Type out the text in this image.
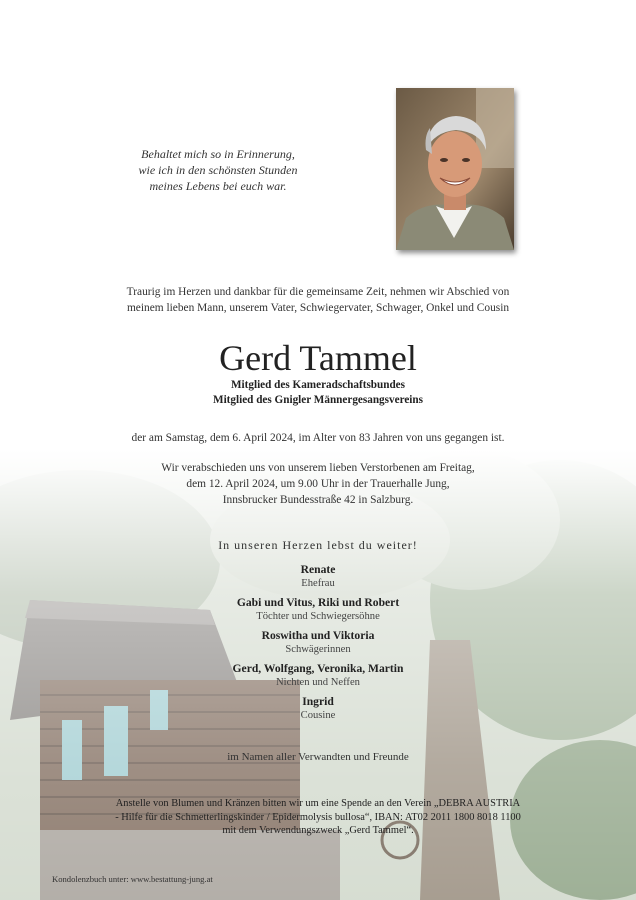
Behaltet mich so in Erinnerung,
wie ich in den schönsten Stunden
meines Lebens bei euch war.
Traurig im Herzen und dankbar für die gemeinsame Zeit, nehmen wir Abschied von
meinem lieben Mann, unserem Vater, Schwiegervater, Schwager, Onkel und Cousin
Gerd Tammel
Mitglied des Kameradschaftsbundes
Mitglied des Gnigler Männergesangsvereins
der am Samstag, dem 6. April 2024, im Alter von 83 Jahren von uns gegangen ist.
Wir verabschieden uns von unserem lieben Verstorbenen am Freitag,
dem 12. April 2024, um 9.00 Uhr in der Trauerhalle Jung,
Innsbrucker Bundesstraße 42 in Salzburg.
In unseren Herzen lebst du weiter!
Renate
Ehefrau
Gabi und Vitus, Riki und Robert
Töchter und Schwiegersöhne
Roswitha und Viktoria
Schwägerinnen
Gerd, Wolfgang, Veronika, Martin
Nichten und Neffen
Ingrid
Cousine
im Namen aller Verwandten und Freunde
Anstelle von Blumen und Kränzen bitten wir um eine Spende an den Verein „DEBRA AUSTRIA
- Hilfe für die Schmetterlingskinder / Epidermolysis bullosa“, IBAN: AT02 2011 1800 8018 1100
mit dem Verwendungszweck „Gerd Tammel“.
Kondolenzbuch unter: www.bestattung-jung.at
